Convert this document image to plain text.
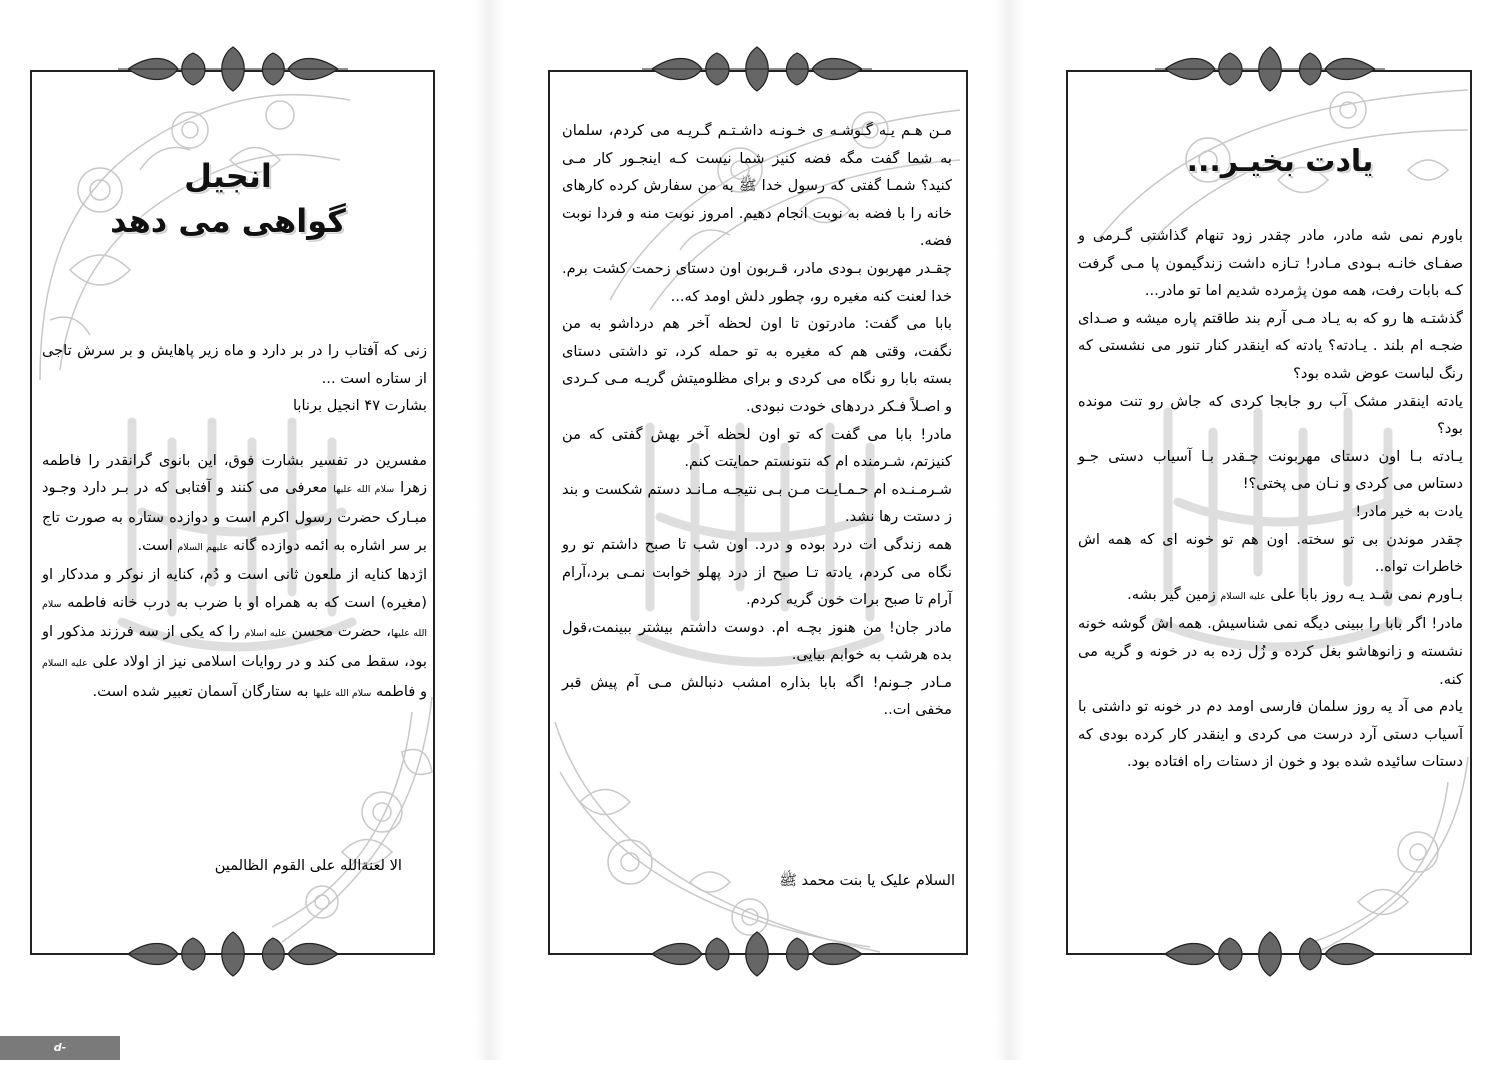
انجیل
گواهی می دهد

زنی که آفتاب را در بر دارد و ماه زیر پاهایش و بر سرش تاجی از ستاره است ...

بشارت ۴۷ انجیل برنابا

مفسرین در تفسیر بشارت فوق، این بانوی گرانقدر را فاطمه زهرا سلام الله علیها معرفی می کنند و آفتابی که در بـر دارد وجـود مبـارک حضرت رسول اکرم است و دوازده ستاره به صورت تاج بر سر اشاره به ائمه دوازده گانه علیهم السلام است.

اژدها کنایه از ملعون ثانی است و دُم، کنایه از نوکر و مددکار او (مغیره) است که به همراه او با ضرب به درب خانه فاطمه سلام الله علیها، حضرت محسن علیه اسلام را که یکی از سه فرزند مذکور او بود، سقط می کند و در روایات اسلامی نیز از اولاد علی علیه السلام و فاطمه سلام الله علیها به ستارگان آسمان تعبیر شده است.

الا لعنةالله علی القوم الظالمین

مـن هـم یـه گـوشـه ی خـونـه داشـتـم گـریـه می کردم، سلمان به شما گفت مگه فضه کنیز شما نیست کـه اینجـور کار مـی کنید؟ شمـا گفتی که رسول خدا ﷺ به من سفارش کرده کارهای خانه را با فضه به نوبت انجام دهیم. امروز نوبت منه و فردا نوبت فضه.

چقـدر مهربون بـودی مادر، قـربون اون دستای زحمت کشت برم. خدا لعنت کنه مغیره رو، چطور دلش اومد که...

بابا می گفت: مادرتون تا اون لحظه آخر هم درداشو به من نگفت، وقتی هم که مغیره به تو حمله کرد، تو داشتی دستای بسته بابا رو نگاه می کردی و برای مظلومیتش گریـه مـی کـردی و اصـلاً فـکر دردهای خودت نبودی.

مادر! بابا می گفت که تو اون لحظه آخر بهش گفتی که من کنیزتم، شـرمنده ام که نتونستم حمایتت کنم.

شـرمـنـده ام حـمـایـت مـن بـی نتیجـه مـانـد دستم شکست و بند ز دستت رها نشد.

همه زندگی ات درد بوده و درد. اون شب تا صبح داشتم تو رو نگاه می کردم، یادته تـا صبح از درد پهلو خوابت نمـی برد،آرام آرام تا صبح برات خون گریه کردم.

مادر جان! من هنوز بچـه ام. دوست داشتم بیشتر ببینمت،قول بده هرشب به خوابم بیایی.

مـادر جـونم! اگه بابا بذاره امشب دنبالش مـی آم پیش قبر مخفی ات..

السلام علیک یا بنت محمد ﷺ
یادت بخیـر...

باورم نمی شه مادر، مادر چقدر زود تنهام گذاشتی گـرمی و صفـای خانـه بـودی مـادر! تـازه داشت زندگیمون پا مـی گرفت کـه بابات رفت، همه مون پژمرده شدیم اما تو مادر...

گذشتـه ها رو که به یـاد مـی آرم بند طاقتم پاره میشه و صـدای ضجـه ام بلند . یـادته؟ یادته که اینقدر کنار تنور می نشستی که رنگ لباست عوض شده بود؟

یادته اینقدر مشک آب رو جابجا کردی که جاش رو تنت مونده بود؟

یـادته بـا اون دستای مهربونت چـقدر بـا آسیاب دستی جـو دستاس می کردی و نـان می پختی؟!

یادت به خیر مادر!

چقدر موندن بی تو سخته. اون هم تو خونه ای که همه اش خاطرات تواه..

بـاورم نمی شـد یـه روز بابا علی علیه السلام زمین گیر بشه.

مادر! اگر بابا را ببینی دیگه نمی شناسیش. همه اش گوشه خونه نشسته و زانوهاشو بغل کرده و زُل زده به در خونه و گریه می کنه.

یادم می آد یه روز سلمان فارسی اومد دم در خونه تو داشتی با آسیاب دستی آرد درست می کردی و اینقدر کار کرده بودی که دستات سائیده شده بود و خون از دستات راه افتاده بود.

d-orumiyeh.iau.ac.ir
